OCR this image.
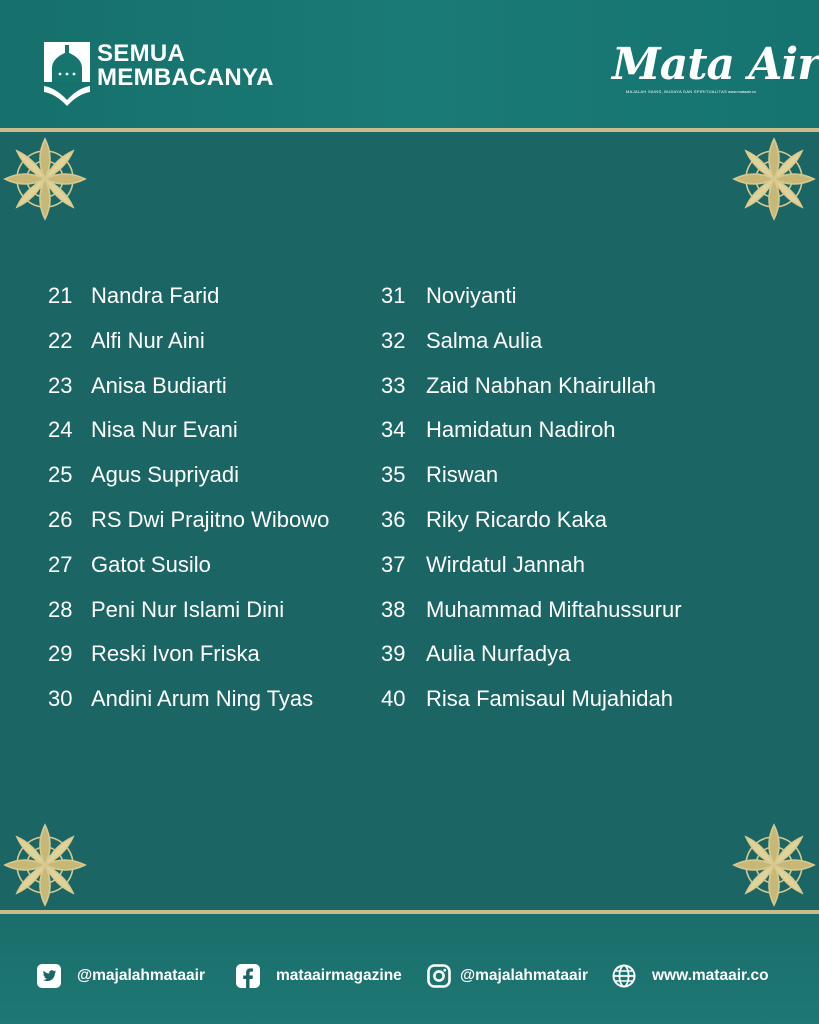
SEMUA
MEMBACANYA	Mata Air
MAJALAH SAINS, BUDAYA DAN SPIRITUALITAS www.mataair.co
21 Nandra Farid
22 Alfi Nur Aini
23 Anisa Budiarti
24 Nisa Nur Evani
25 Agus Supriyadi
26 RS Dwi Prajitno Wibowo
27 Gatot Susilo
28 Peni Nur Islami Dini
29 Reski Ivon Friska
30 Andini Arum Ning Tyas
31 Noviyanti
32 Salma Aulia
33 Zaid Nabhan Khairullah
34 Hamidatun Nadiroh
35 Riswan
36 Riky Ricardo Kaka
37 Wirdatul Jannah
38 Muhammad Miftahussurur
39 Aulia Nurfadya
40 Risa Famisaul Mujahidah
@majalahmataair	mataairmagazine	@majalahmataair	www.mataair.co
